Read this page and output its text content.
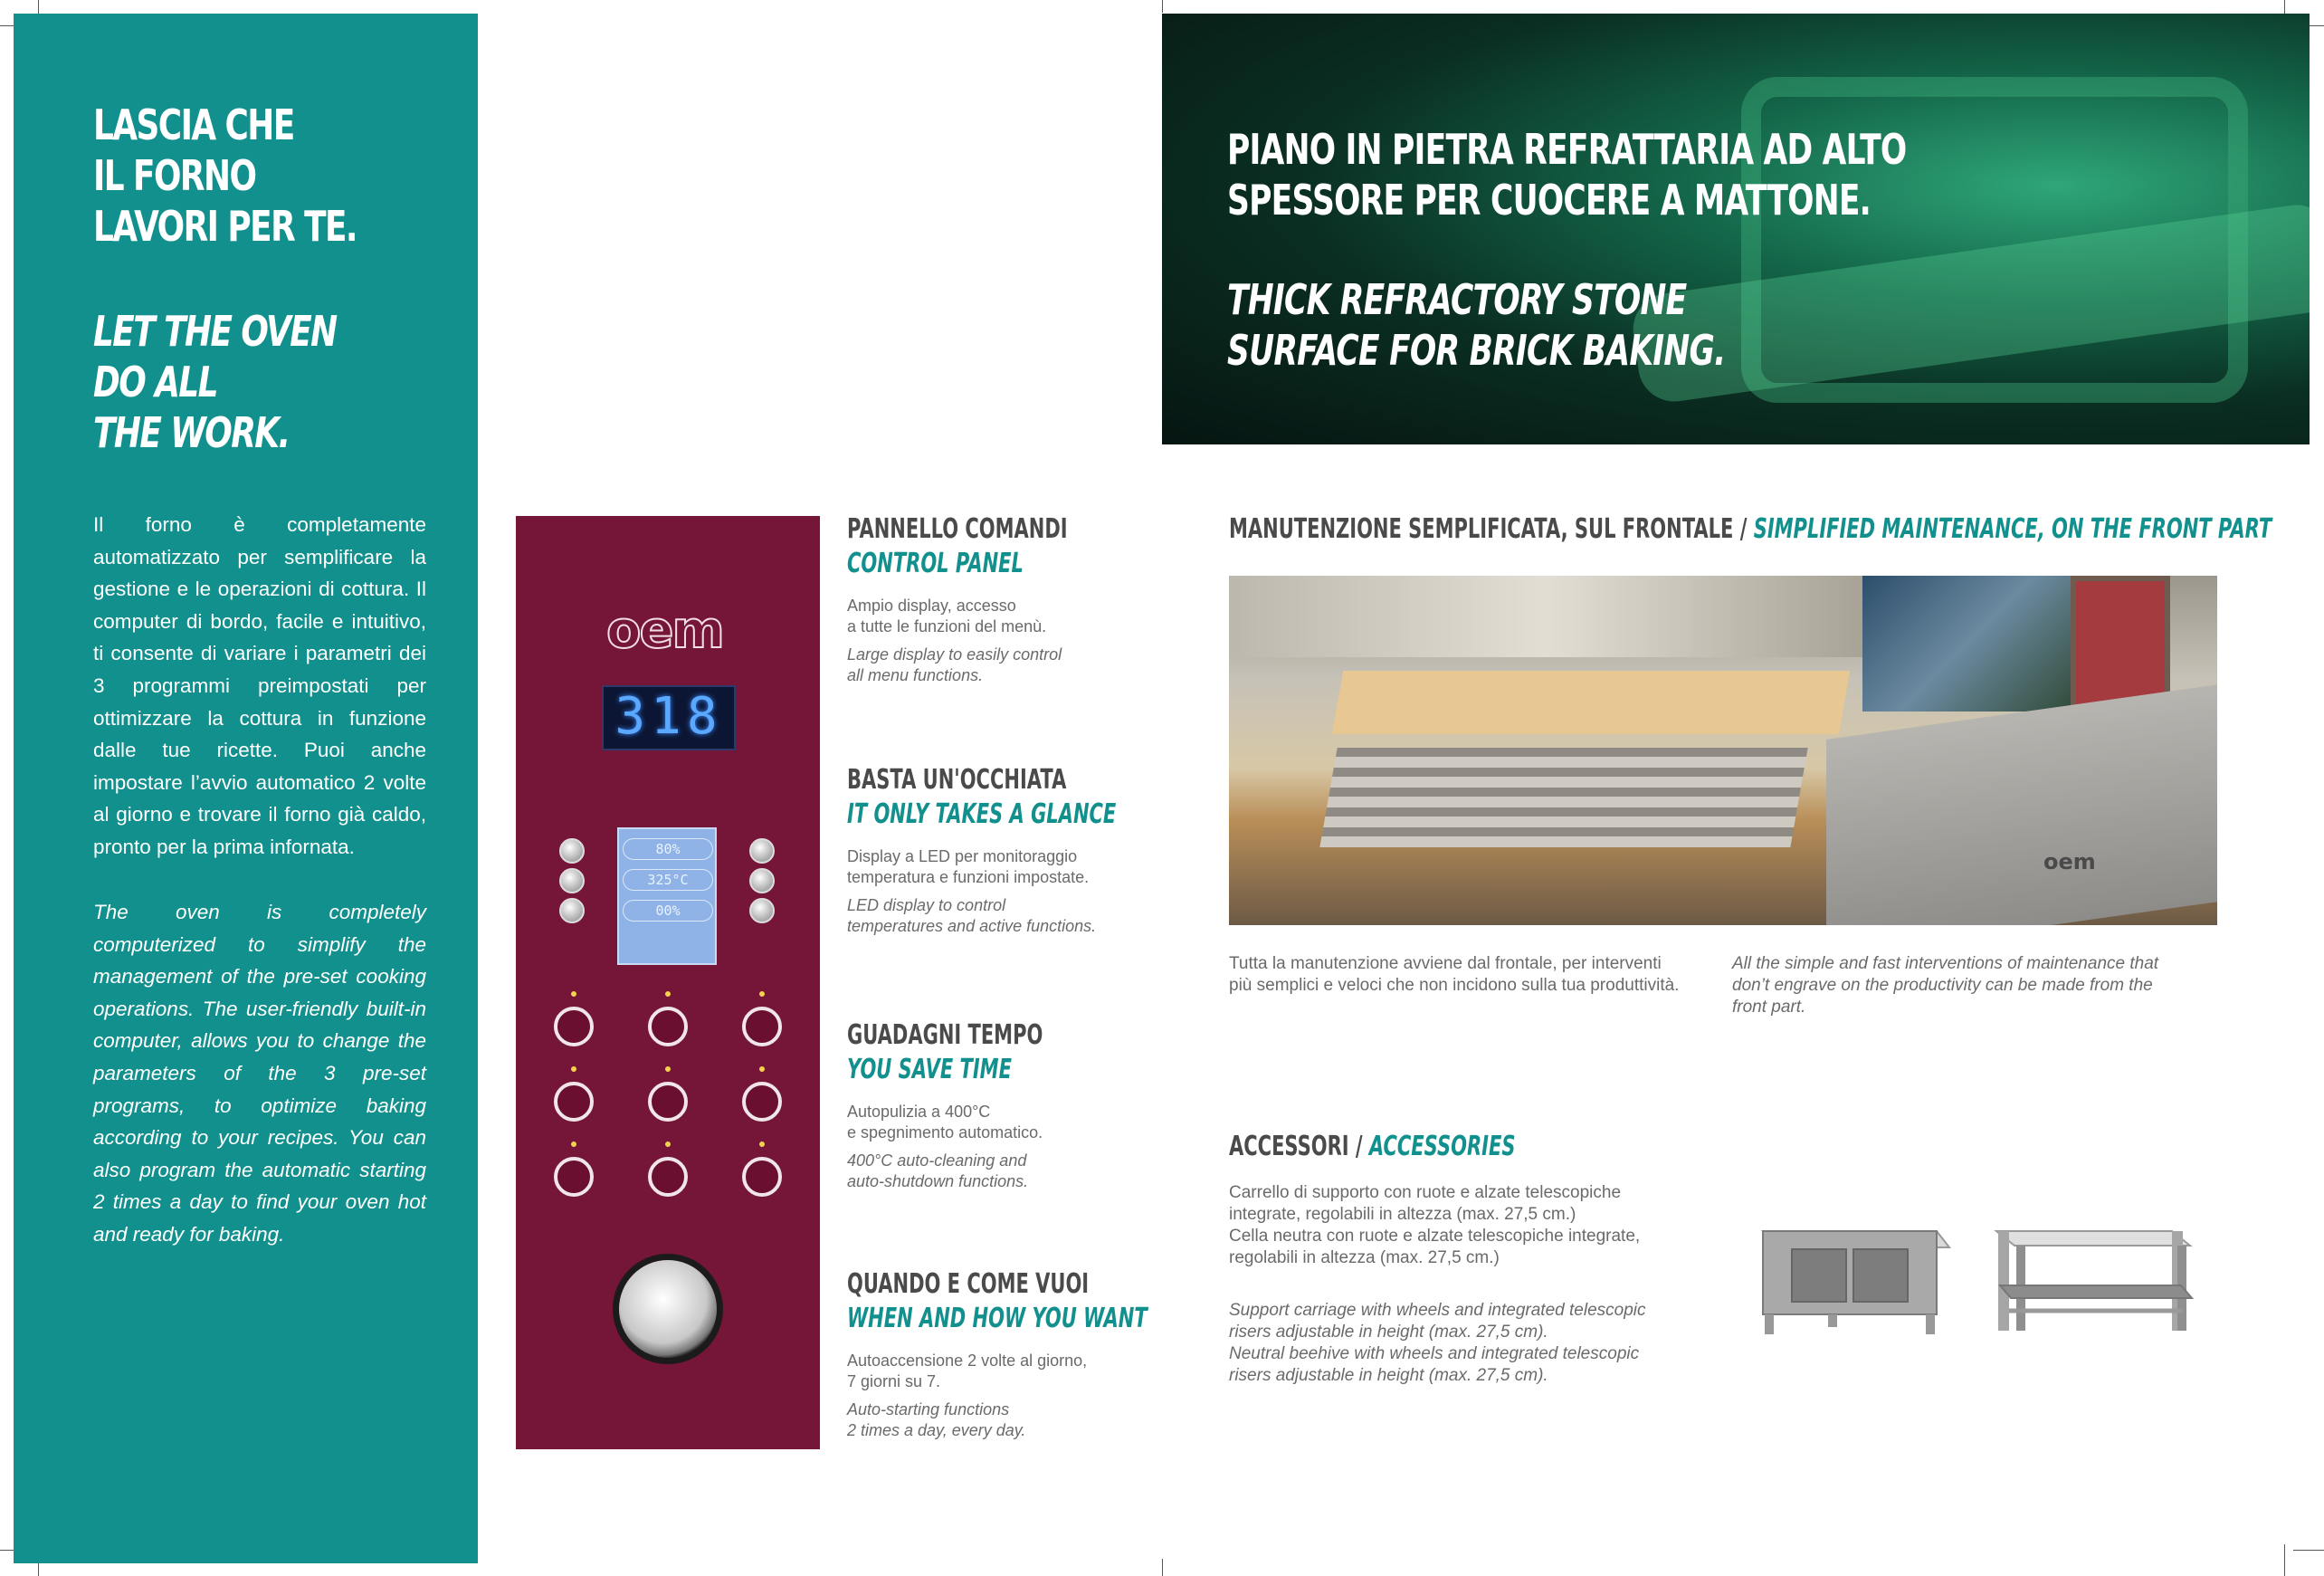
LASCIA CHE
IL FORNO
LAVORI PER TE.
LET THE OVEN
DO ALL
THE WORK.

Il forno è completamente automatizzato per semplificare la gestione e le operazioni di cottura. Il computer di bordo, facile e intuitivo, ti consente di variare i parametri dei 3 programmi preimpostati per ottimizzare la cottura in funzione dalle tue ricette. Puoi anche impostare l’avvio automatico 2 volte al giorno e trovare il forno già caldo, pronto per la prima infornata.

The oven is completely computerized to simplify the management of the pre-set cooking operations. The user-friendly built-in computer, allows you to change the parameters of the 3 pre-set programs, to optimize baking according to your recipes. You can also program the automatic starting 2 times a day to find your oven hot and ready for baking.

oem
318
80%
325°C
00%
PANNELLO COMANDI
CONTROL PANEL
Ampio display, accesso
a tutte le funzioni del menù.
Large display to easily control
all menu functions.
BASTA UN'OCCHIATA
IT ONLY TAKES A GLANCE
Display a LED per monitoraggio
temperatura e funzioni impostate.
LED display to control
temperatures and active functions.
GUADAGNI TEMPO
YOU SAVE TIME
Autopulizia a 400°C
e spegnimento automatico.
400°C auto-cleaning and
auto-shutdown functions.
QUANDO E COME VUOI
WHEN AND HOW YOU WANT
Autoaccensione 2 volte al giorno,
7 giorni su 7.
Auto-starting functions
2 times a day, every day.
PIANO IN PIETRA REFRATTARIA AD ALTO
SPESSORE PER CUOCERE A MATTONE.
THICK REFRACTORY STONE
SURFACE FOR BRICK BAKING.
MANUTENZIONE SEMPLIFICATA, SUL FRONTALE / SIMPLIFIED MAINTENANCE, ON THE FRONT PART
oem
Tutta la manutenzione avviene dal frontale, per interventi
più semplici e veloci che non incidono sulla tua produttività.
All the simple and fast interventions of maintenance that
don’t engrave on the productivity can be made from the
front part.
ACCESSORI / ACCESSORIES
Carrello di supporto con ruote e alzate telescopiche
integrate, regolabili in altezza (max. 27,5 cm.)
Cella neutra con ruote e alzate telescopiche integrate,
regolabili in altezza (max. 27,5 cm.)
Support carriage with wheels and integrated telescopic
risers adjustable in height (max. 27,5 cm).
Neutral beehive with wheels and integrated telescopic
risers adjustable in height (max. 27,5 cm).
